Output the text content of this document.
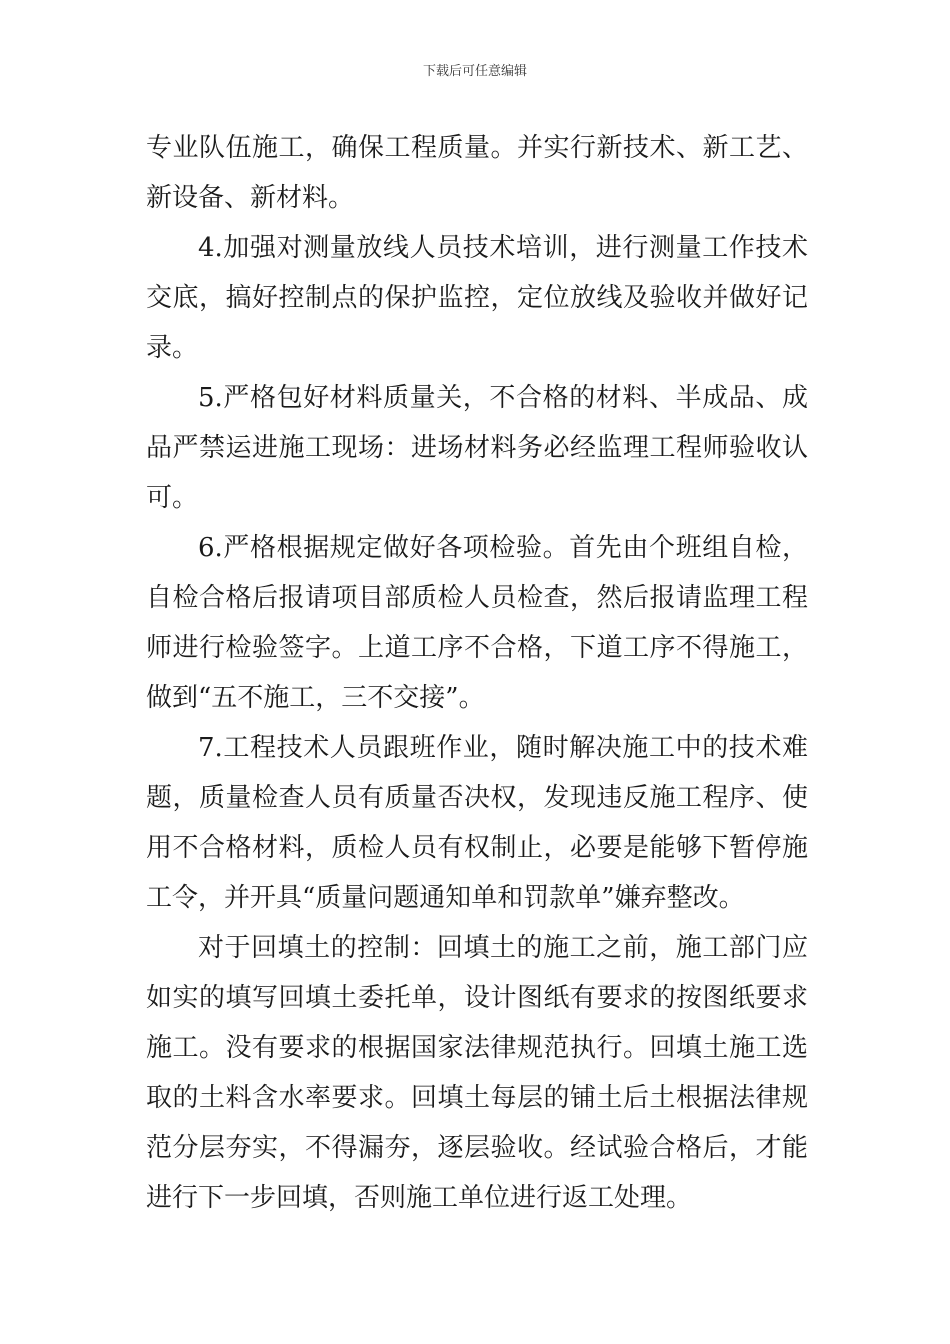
下载后可任意编辑

专业队伍施工，确保工程质量。并实行新技术、新工艺、新设备、新材料。

4.加强对测量放线人员技术培训，进行测量工作技术交底，搞好控制点的保护监控，定位放线及验收并做好记录。

5.严格包好材料质量关，不合格的材料、半成品、成品严禁运进施工现场：进场材料务必经监理工程师验收认可。

6.严格根据规定做好各项检验。首先由个班组自检，自检合格后报请项目部质检人员检查，然后报请监理工程师进行检验签字。上道工序不合格，下道工序不得施工，做到“五不施工，三不交接”。

7.工程技术人员跟班作业，随时解决施工中的技术难题，质量检查人员有质量否决权，发现违反施工程序、使用不合格材料，质检人员有权制止，必要是能够下暂停施工令，并开具“质量问题通知单和罚款单”嫌弃整改。

对于回填土的控制：回填土的施工之前，施工部门应如实的填写回填土委托单，设计图纸有要求的按图纸要求施工。没有要求的根据国家法律规范执行。回填土施工选取的土料含水率要求。回填土每层的铺土后土根据法律规范分层夯实，不得漏夯，逐层验收。经试验合格后，才能进行下一步回填，否则施工单位进行返工处理。
